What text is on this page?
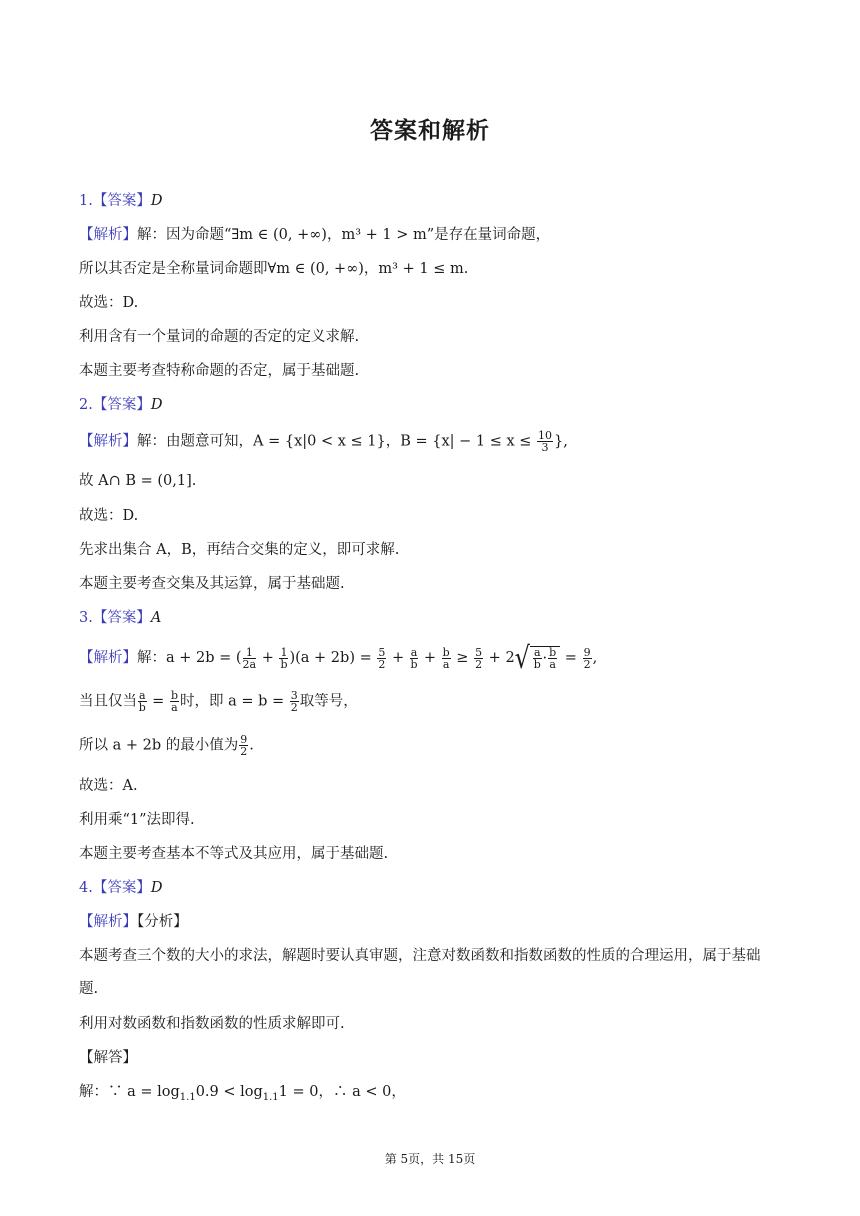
答案和解析
1.【答案】D
【解析】解：因为命题“∃m ∈ (0, +∞)，m³ + 1 > m”是存在量词命题，
所以其否定是全称量词命题即∀m ∈ (0, +∞)，m³ + 1 ≤ m.
故选：D.
利用含有一个量词的命题的否定的定义求解.
本题主要考查特称命题的否定，属于基础题.
2.【答案】D
【解析】解：由题意可知，A = {x|0 < x ≤ 1}，$B = \{x| - 1 \le x \le \frac{10}{3}$ },
故 A∩ B = (0,1].
故选：D.
先求出集合 A，B，再结合交集的定义，即可求解.
本题主要考查交集及其运算，属于基础题.
3.【答案】A
【解析】解：a + 2b = ( $\frac{1}{2a} + \frac{1}{b} )(a + 2b) = \frac{5}{2} + \frac{a}{b} + \frac{b}{a} \ge \frac{5}{2} + 2√ \frac{a}{b} \cdot \frac{b}{a} = \frac{9}{2}$ ,
当且仅当 $\frac{a}{b} = \frac{b}{a}$ 时，即 $a = b = \frac{3}{2}$ 取等号，
所以 a + 2b 的最小值为 $\frac{9}{2}$ .
故选：A.
利用乘“1”法即得.
本题主要考查基本不等式及其应用，属于基础题.
4.【答案】D
【解析】【分析】
本题考查三个数的大小的求法，解题时要认真审题，注意对数函数和指数函数的性质的合理运用，属于基础题.
利用对数函数和指数函数的性质求解即可.
【解答】
解：∵ $a = \log_{1.1}0.9 < \log_{1.1}1 = 0$，∴ a < 0，
第 5页，共 15页
